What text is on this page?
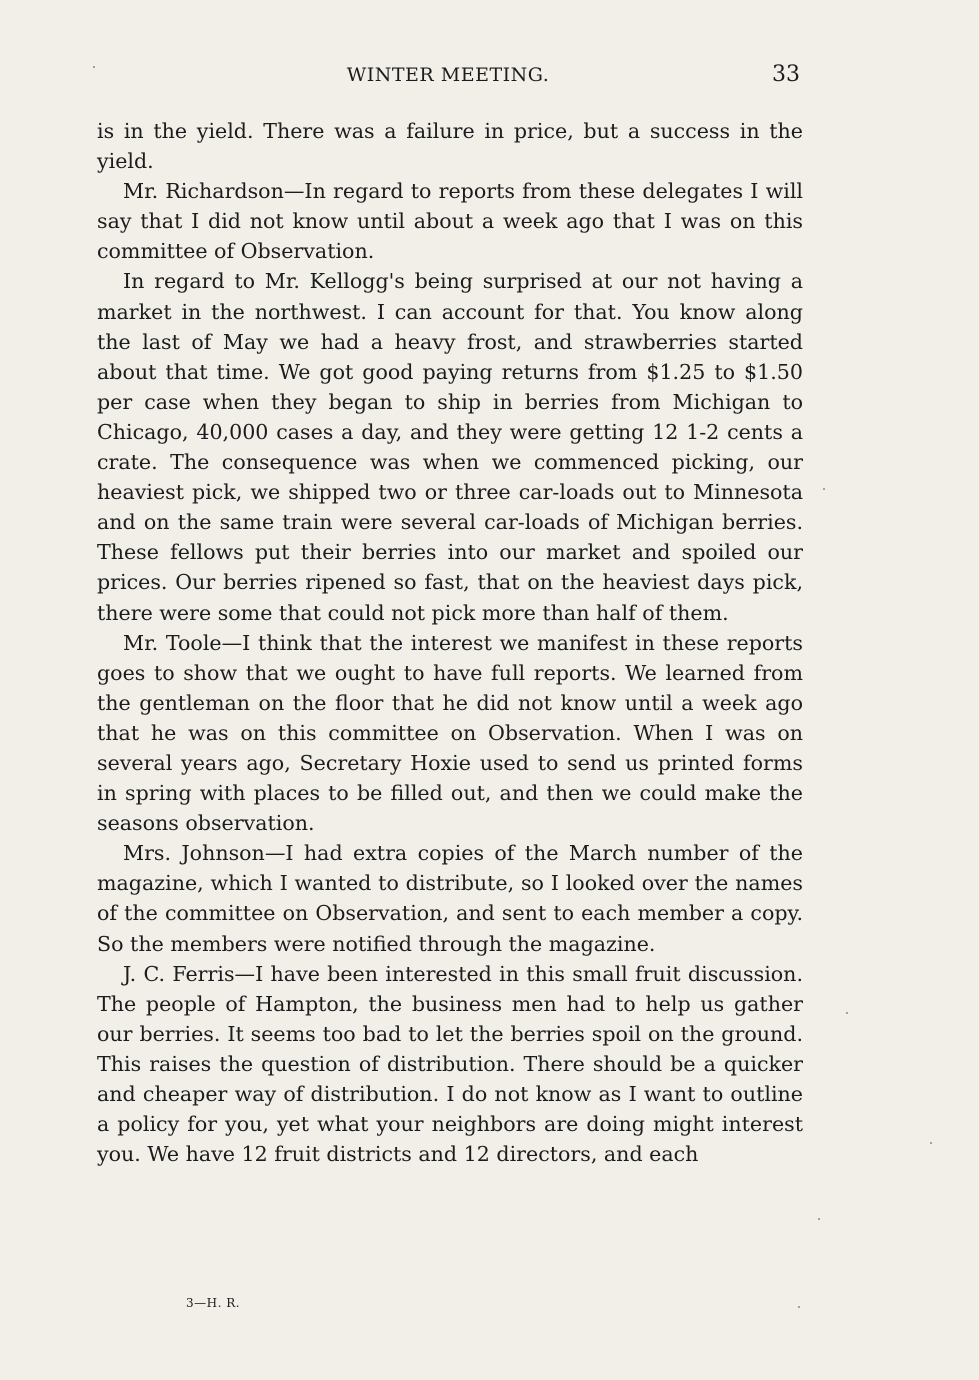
WINTER MEETING.	33

is in the yield. There was a failure in price, but a success in the yield.

Mr. Richardson—In regard to reports from these delegates I will say that I did not know until about a week ago that I was on this committee of Observation.

In regard to Mr. Kellogg's being surprised at our not having a market in the northwest. I can account for that. You know along the last of May we had a heavy frost, and strawberries started about that time. We got good paying returns from $1.25 to $1.50 per case when they began to ship in berries from Michigan to Chicago, 40,000 cases a day, and they were getting 12 1-2 cents a crate. The consequence was when we commenced picking, our heaviest pick, we shipped two or three car-loads out to Minnesota and on the same train were several car-loads of Michigan berries. These fellows put their berries into our market and spoiled our prices. Our berries ripened so fast, that on the heaviest days pick, there were some that could not pick more than half of them.

Mr. Toole—I think that the interest we manifest in these reports goes to show that we ought to have full reports. We learned from the gentleman on the floor that he did not know until a week ago that he was on this committee on Observation. When I was on several years ago, Secretary Hoxie used to send us printed forms in spring with places to be filled out, and then we could make the seasons observation.

Mrs. Johnson—I had extra copies of the March number of the magazine, which I wanted to distribute, so I looked over the names of the committee on Observation, and sent to each member a copy. So the members were notified through the magazine.

J. C. Ferris—I have been interested in this small fruit discussion. The people of Hampton, the business men had to help us gather our berries. It seems too bad to let the berries spoil on the ground. This raises the question of distribution. There should be a quicker and cheaper way of distribution. I do not know as I want to outline a policy for you, yet what your neighbors are doing might interest you. We have 12 fruit districts and 12 directors, and each

3—H. R.
